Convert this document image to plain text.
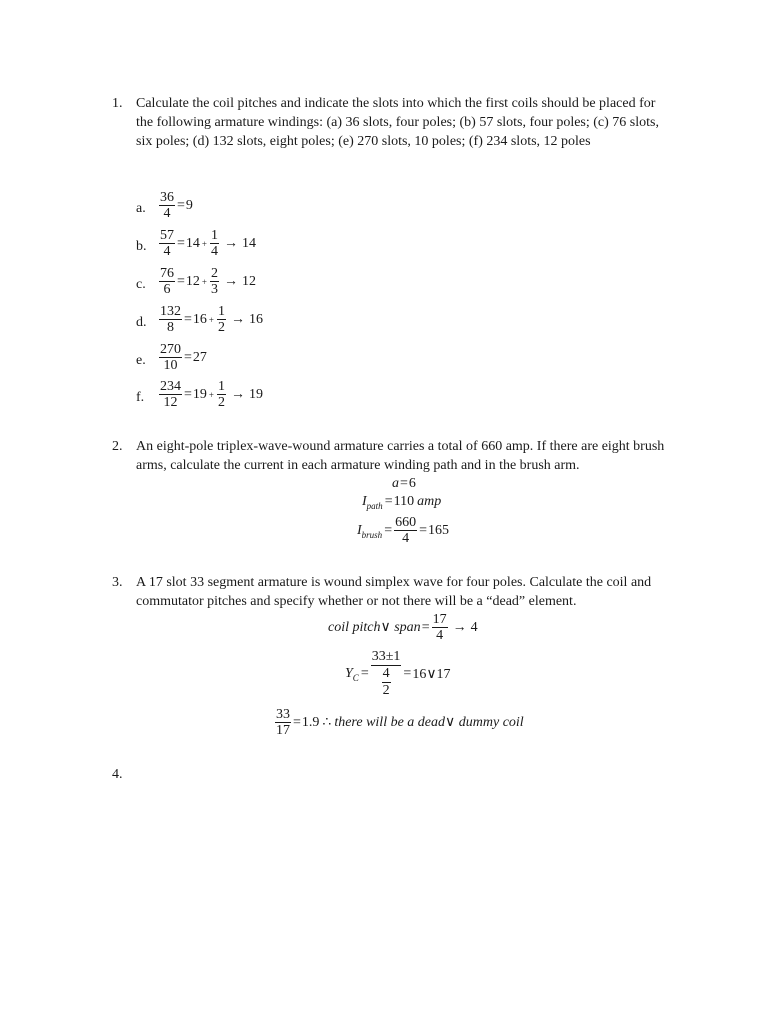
1. Calculate the coil pitches and indicate the slots into which the first coils should be placed for the following armature windings: (a) 36 slots, four poles; (b) 57 slots, four poles; (c) 76 slots, six poles; (d) 132 slots, eight poles; (e) 270 slots, 10 poles; (f) 234 slots, 12 poles
a. $\frac{36}{4} = 9$
b. $\frac{57}{4} = 14 + \frac{1}{4} \to 14$
c. $\frac{76}{6} = 12 + \frac{2}{3} \to 12$
d. $\frac{132}{8} = 16 + \frac{1}{2} \to 16$
e. $\frac{270}{10} = 27$
f. $\frac{234}{12} = 19 + \frac{1}{2} \to 19$
2. An eight-pole triplex-wave-wound armature carries a total of 660 amp. If there are eight brush arms, calculate the current in each armature winding path and in the brush arm.
a = 6
I path = 110 amp
I brush = $\frac{660}{4} = 165$
3. A 17 slot 33 segment armature is wound simplex wave for four poles. Calculate the coil and commutator pitches and specify whether or not there will be a “dead” element.
coil pitch∨ span = $\frac{17}{4} \to 4$
Y C =
33±1
4
2
= 16∨17
$\frac{33}{17} = 1.9$ ∴ there will be a dead∨ dummy coil
4.
